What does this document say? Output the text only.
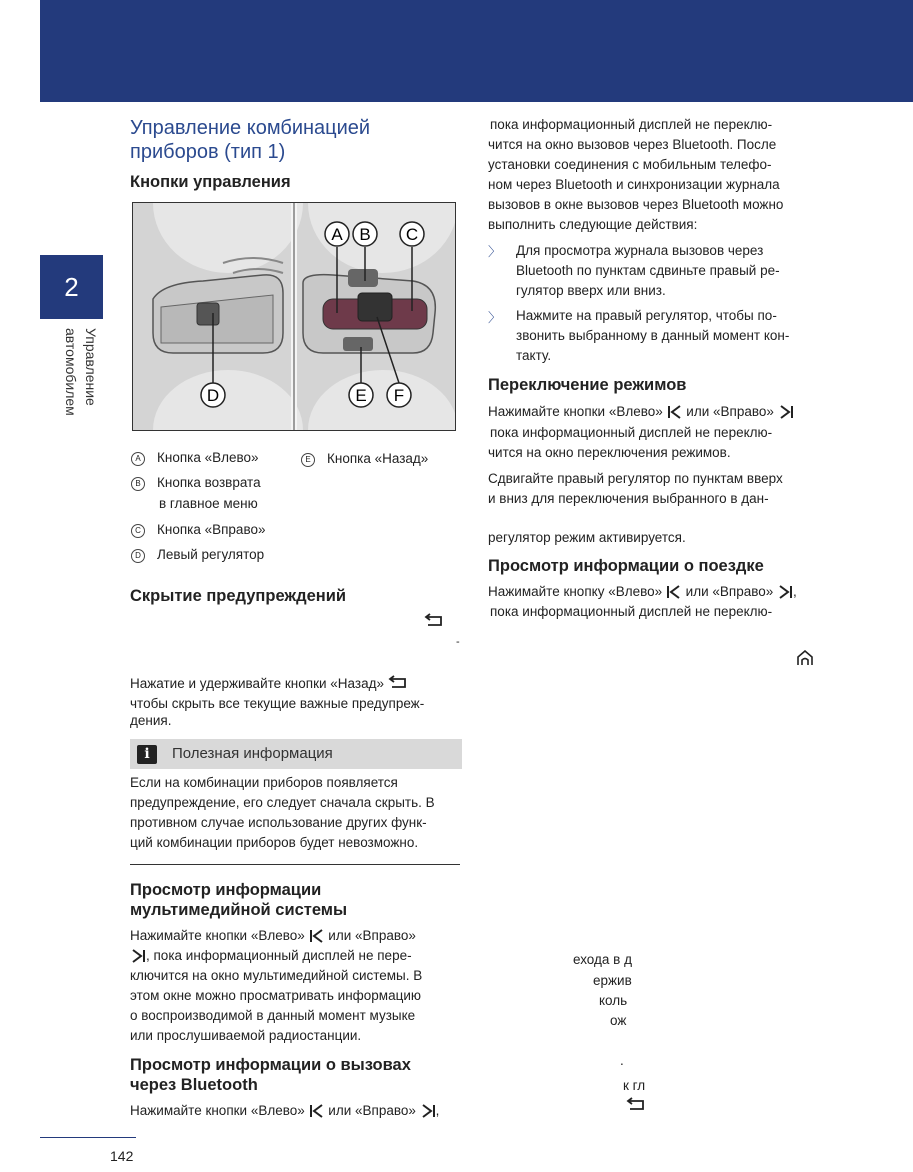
2
Управление
автомобилем
Управление комбинацией
приборов (тип 1)
Кнопки управления
A B C
D	E F
A Кнопка «Влево»
B Кнопка возврата
в главное меню
C Кнопка «Вправо»
D Левый регулятор
E Кнопка «Назад»
Скрытие предупреждений
-
Нажатие и удерживайте кнопки «Назад»
чтобы скрыть все текущие важные предупреж-
дения.
i	Полезная информация
Если на комбинации приборов появляется
предупреждение, его следует сначала скрыть. В
противном случае использование других функ-
ций комбинации приборов будет невозможно.
Просмотр информации
мультимедийной системы
Нажимайте кнопки «Влево» или «Вправо»
, пока информационный дисплей не пере-
ключится на окно мультимедийной системы. В
этом окне можно просматривать информацию
о воспроизводимой в данный момент музыке
или прослушиваемой радиостанции.
Просмотр информации о вызовах
через Bluetooth
Нажимайте кнопки «Влево» или «Вправо» ,
142
пока информационный дисплей не переклю-
чится на окно вызовов через Bluetooth. После
установки соединения с мобильным телефо-
ном через Bluetooth и синхронизации журнала
вызовов в окне вызовов через Bluetooth можно
выполнить следующие действия:
〉 Для просмотра журнала вызовов через
Bluetooth по пунктам сдвиньте правый ре-
гулятор вверх или вниз.
〉 Нажмите на правый регулятор, чтобы по-
звонить выбранному в данный момент кон-
такту.
Переключение режимов
Нажимайте кнопки «Влево» или «Вправо»
пока информационный дисплей не переклю-
чится на окно переключения режимов.
Сдвигайте правый регулятор по пунктам вверх
и вниз для переключения выбранного в дан-
регулятор режим активируется.
Просмотр информации о поездке
Нажимайте кнопку «Влево» или «Вправо» ,
пока информационный дисплей не переклю-
ехода в д
ержив
коль
ож
.
к гл
